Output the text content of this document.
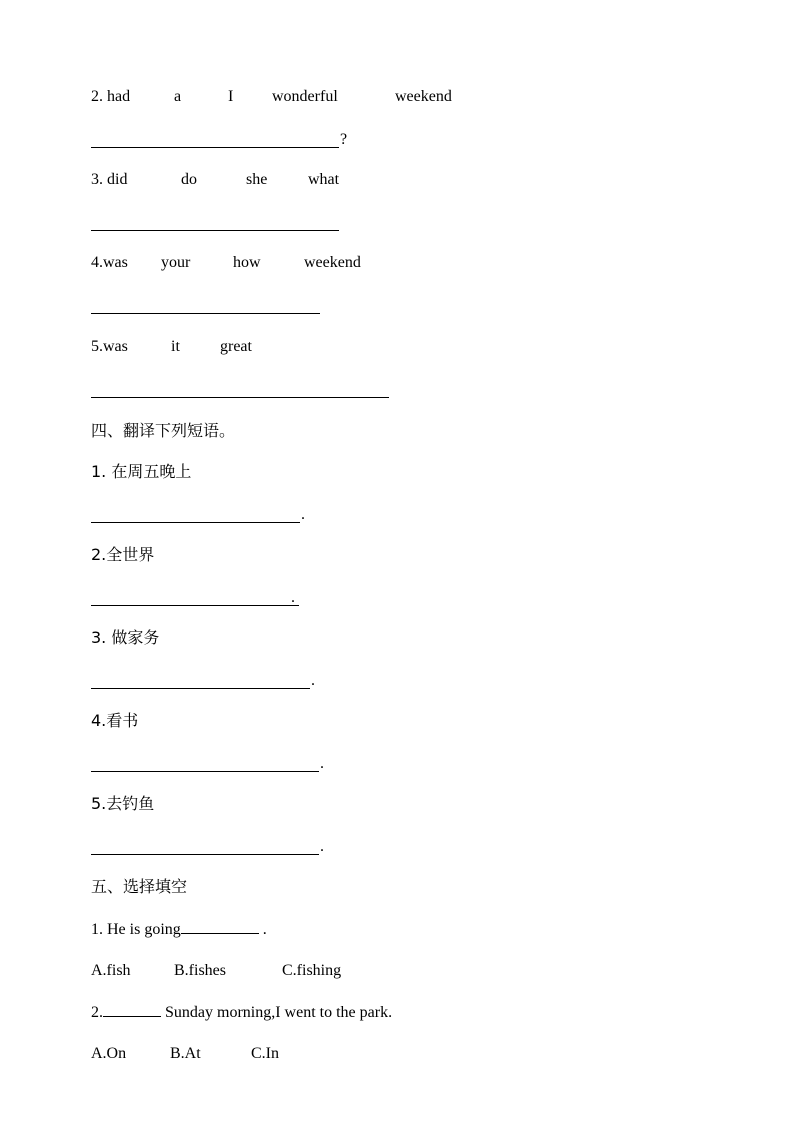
2. had	a	I wonderful	weekend
?
3. did	do	she	what
4.was your	how	weekend
5.was	it	great
四、翻译下列短语。
1. 在周五晚上
.
2.全世界
.
3. 做家务
.
4.看书
.
5.去钓鱼
.
五、选择填空
1. He is going	.
A.fish	B.fishes	C.fishing
2.	Sunday morning,I went to the park.
A.On	B.At	C.In
